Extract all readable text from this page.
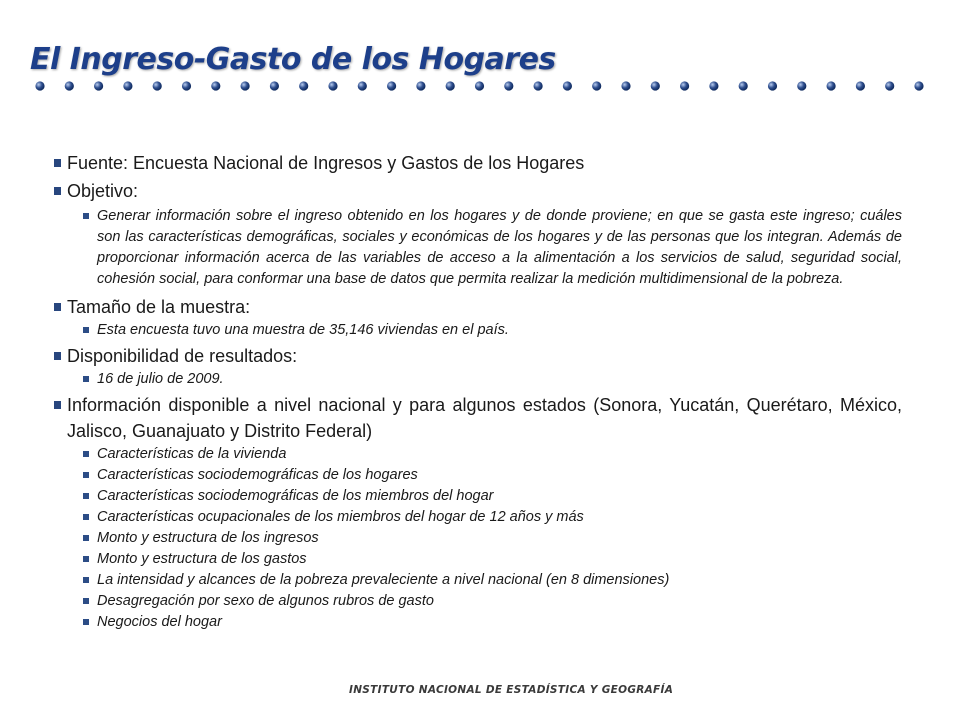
El Ingreso-Gasto de los Hogares
Fuente: Encuesta Nacional de Ingresos y Gastos de los Hogares
Objetivo:
Generar información sobre el ingreso obtenido en los hogares y de donde proviene; en que se gasta este ingreso; cuáles son las características demográficas, sociales y económicas de los hogares y de las personas que los integran. Además de proporcionar información acerca de las variables de acceso a la alimentación a los servicios de salud, seguridad social, cohesión social, para conformar una base de datos que permita realizar la medición multidimensional de la pobreza.
Tamaño de la muestra:
Esta encuesta tuvo una muestra de 35,146 viviendas en el país.
Disponibilidad de resultados:
16 de julio de 2009.
Información disponible a nivel nacional y para algunos estados (Sonora, Yucatán, Querétaro, México, Jalisco, Guanajuato y Distrito Federal)
Características de la vivienda
Características sociodemográficas de los hogares
Características sociodemográficas de los miembros del hogar
Características ocupacionales de los miembros del hogar de 12 años y más
Monto y estructura de los ingresos
Monto y estructura de los gastos
La intensidad y alcances de la pobreza prevaleciente a nivel nacional (en 8 dimensiones)
Desagregación por sexo de algunos rubros de gasto
Negocios del hogar
INSTITUTO NACIONAL DE ESTADÍSTICA Y GEOGRAFÍA
